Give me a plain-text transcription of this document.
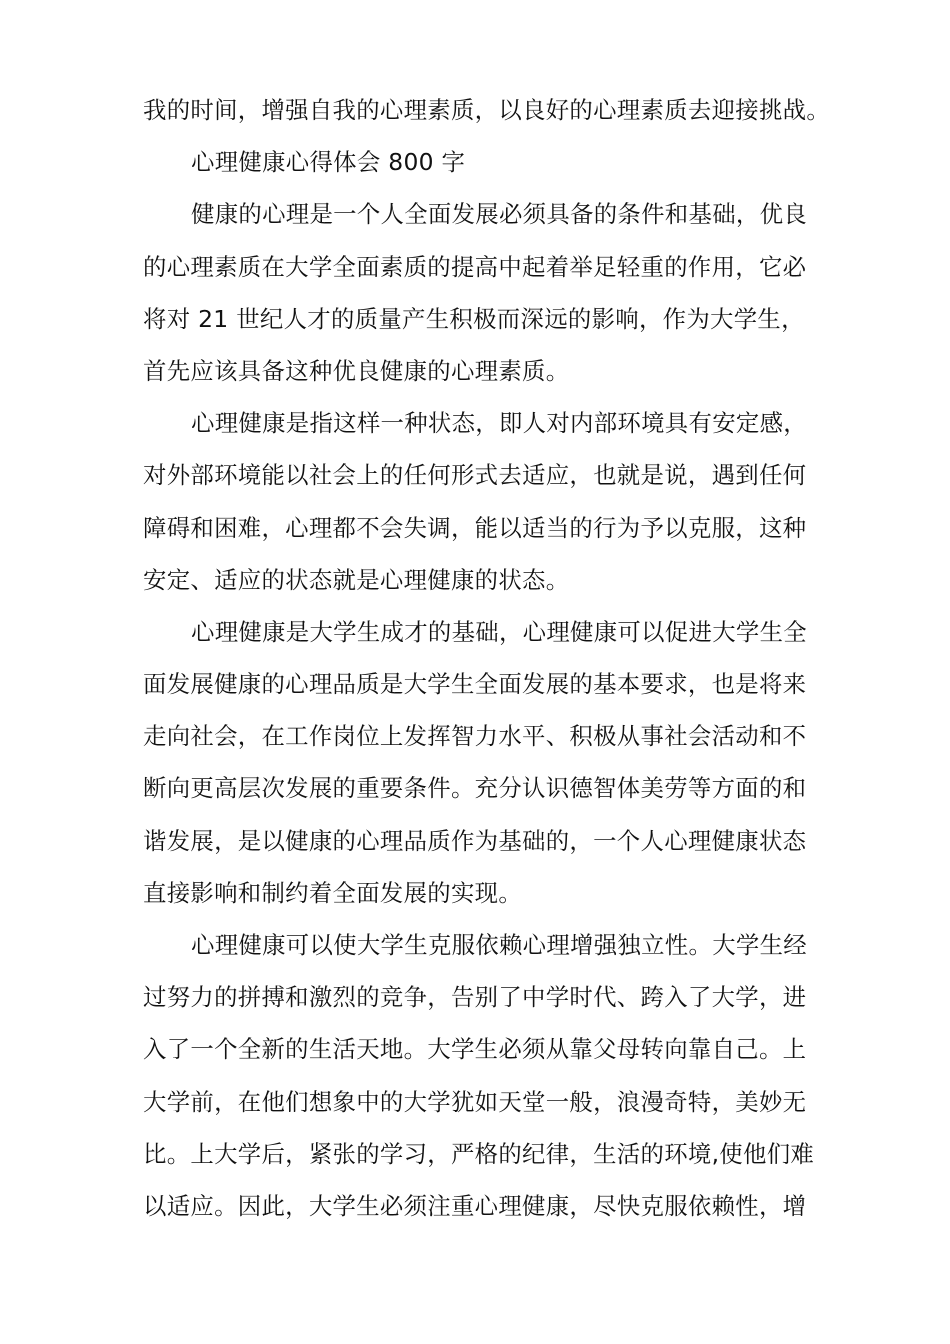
我的时间，增强自我的心理素质，以良好的心理素质去迎接挑战。
心理健康心得体会 800 字
健康的心理是一个人全面发展必须具备的条件和基础，优良
的心理素质在大学全面素质的提高中起着举足轻重的作用，它必
将对 21 世纪人才的质量产生积极而深远的影响，作为大学生，
首先应该具备这种优良健康的心理素质。
心理健康是指这样一种状态，即人对内部环境具有安定感，
对外部环境能以社会上的任何形式去适应，也就是说，遇到任何
障碍和困难，心理都不会失调，能以适当的行为予以克服，这种
安定、适应的状态就是心理健康的状态。
心理健康是大学生成才的基础，心理健康可以促进大学生全
面发展健康的心理品质是大学生全面发展的基本要求，也是将来
走向社会，在工作岗位上发挥智力水平、积极从事社会活动和不
断向更高层次发展的重要条件。充分认识德智体美劳等方面的和
谐发展，是以健康的心理品质作为基础的，一个人心理健康状态
直接影响和制约着全面发展的实现。
心理健康可以使大学生克服依赖心理增强独立性。大学生经
过努力的拼搏和激烈的竞争，告别了中学时代、跨入了大学，进
入了一个全新的生活天地。大学生必须从靠父母转向靠自己。上
大学前，在他们想象中的大学犹如天堂一般，浪漫奇特，美妙无
比。上大学后，紧张的学习，严格的纪律，生活的环境,使他们难
以适应。因此，大学生必须注重心理健康，尽快克服依赖性，增
